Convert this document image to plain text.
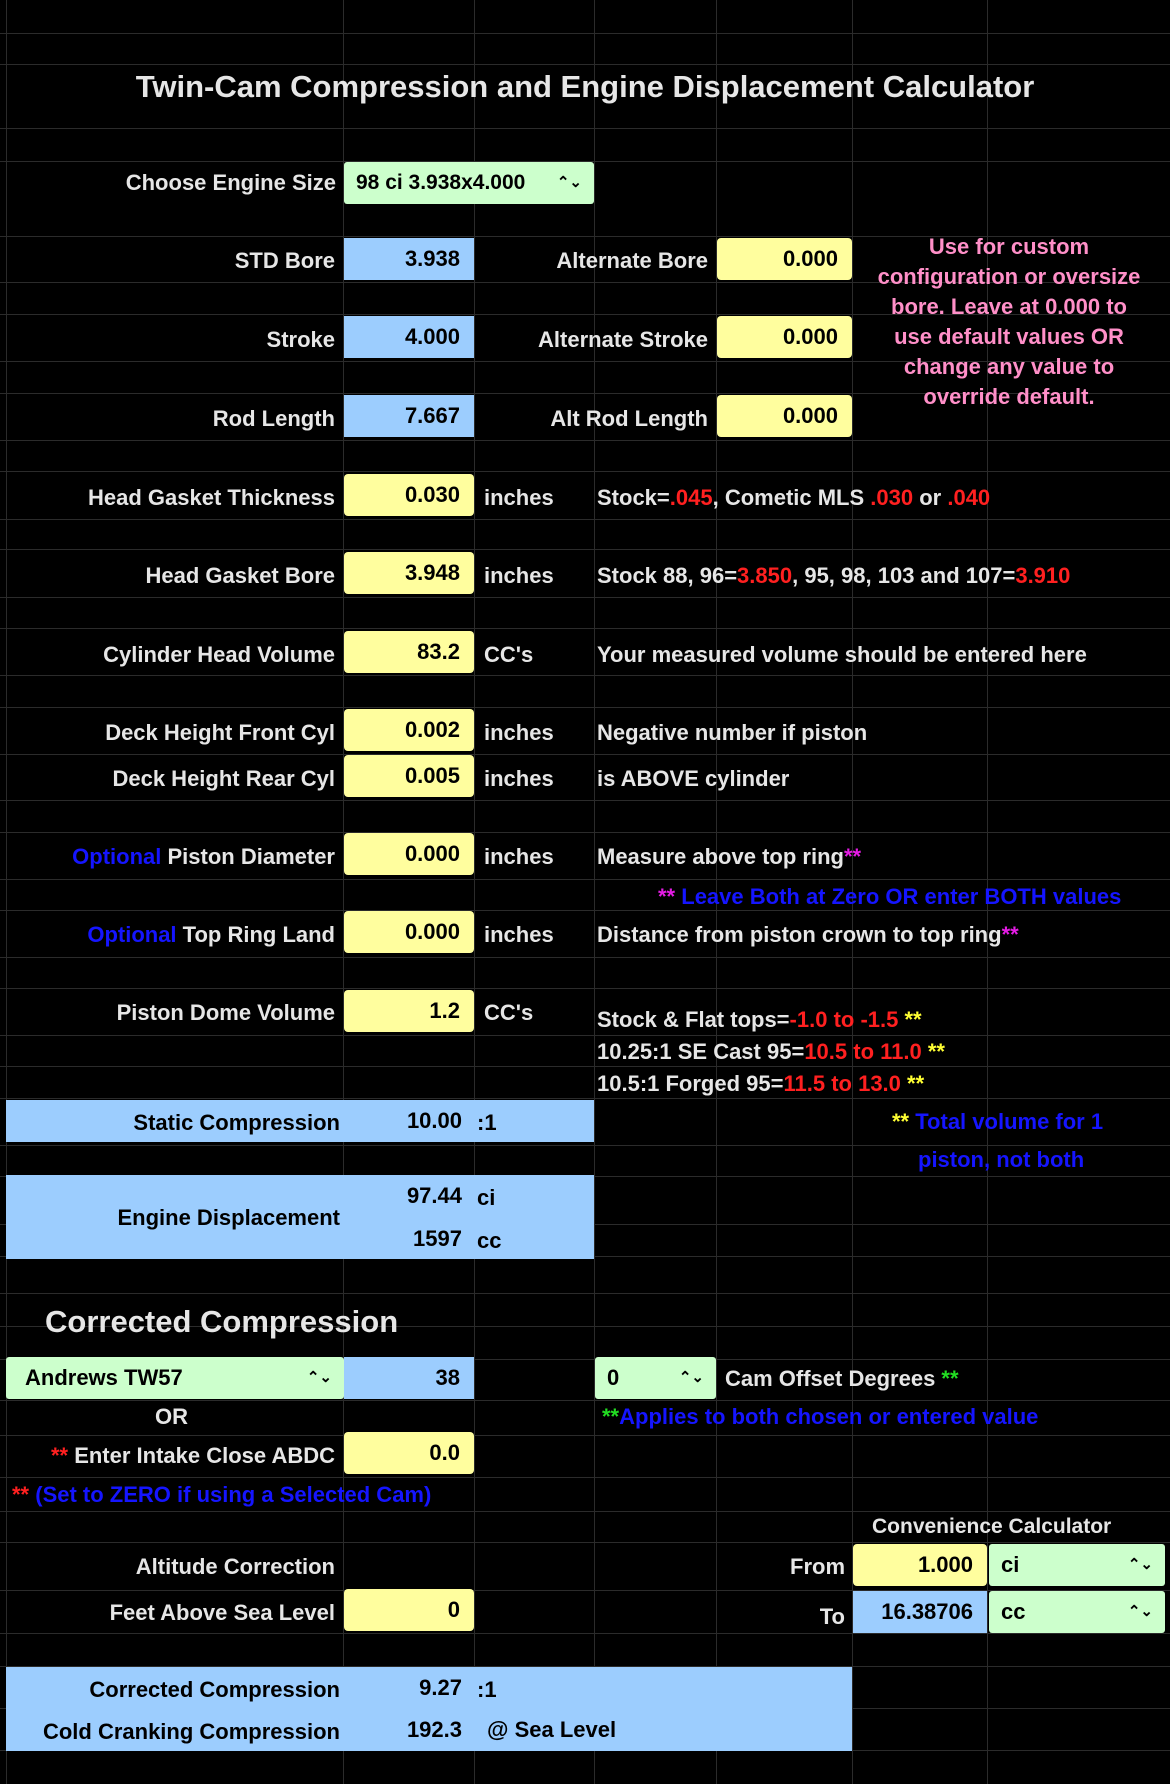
Twin-Cam Compression and Engine Displacement Calculator
Choose Engine Size 98 ci 3.938x4.000 ⌃⌄
STD Bore	3.938	Alternate Bore	0.000
Stroke	4.000	Alternate Stroke	0.000
Rod Length	7.667	Alt Rod Length	0.000
Use for custom
configuration or oversize
bore. Leave at 0.000 to
use default values OR
change any value to
override default.
Head Gasket Thickness	0.030	inches Stock=.045, Cometic MLS .030 or .040
Head Gasket Bore	3.948	inches Stock 88, 96=3.850, 95, 98, 103 and 107=3.910
Cylinder Head Volume	83.2	CC's	Your measured volume should be entered here
Deck Height Front Cyl	0.002	inches Negative number if piston
Deck Height Rear Cyl	0.005	inches is ABOVE cylinder
Optional Piston Diameter	0.000	inches Measure above top ring**
** Leave Both at Zero OR enter BOTH values
Optional Top Ring Land	0.000	inches Distance from piston crown to top ring**
Piston Dome Volume	1.2	CC's	Stock & Flat tops=-1.0 to -1.5 **
10.25:1 SE Cast 95=10.5 to 11.0 **
10.5:1 Forged 95=11.5 to 13.0 **
Static Compression	10.00 :1	** Total volume for 1
piston, not both
Engine Displacement
97.44 ci
1597 cc
Corrected Compression
Andrews TW57	⌃⌄	38	0	⌃⌄ Cam Offset Degrees **
OR	**Applies to both chosen or entered value
** Enter Intake Close ABDC	0.0
** (Set to ZERO if using a Selected Cam)
Convenience Calculator
From	1.000	ci	⌃⌄
To	16.38706	cc	⌃⌄
Altitude Correction
Feet Above Sea Level	0
Corrected Compression	9.27 :1
Cold Cranking Compression	192.3 @ Sea Level
